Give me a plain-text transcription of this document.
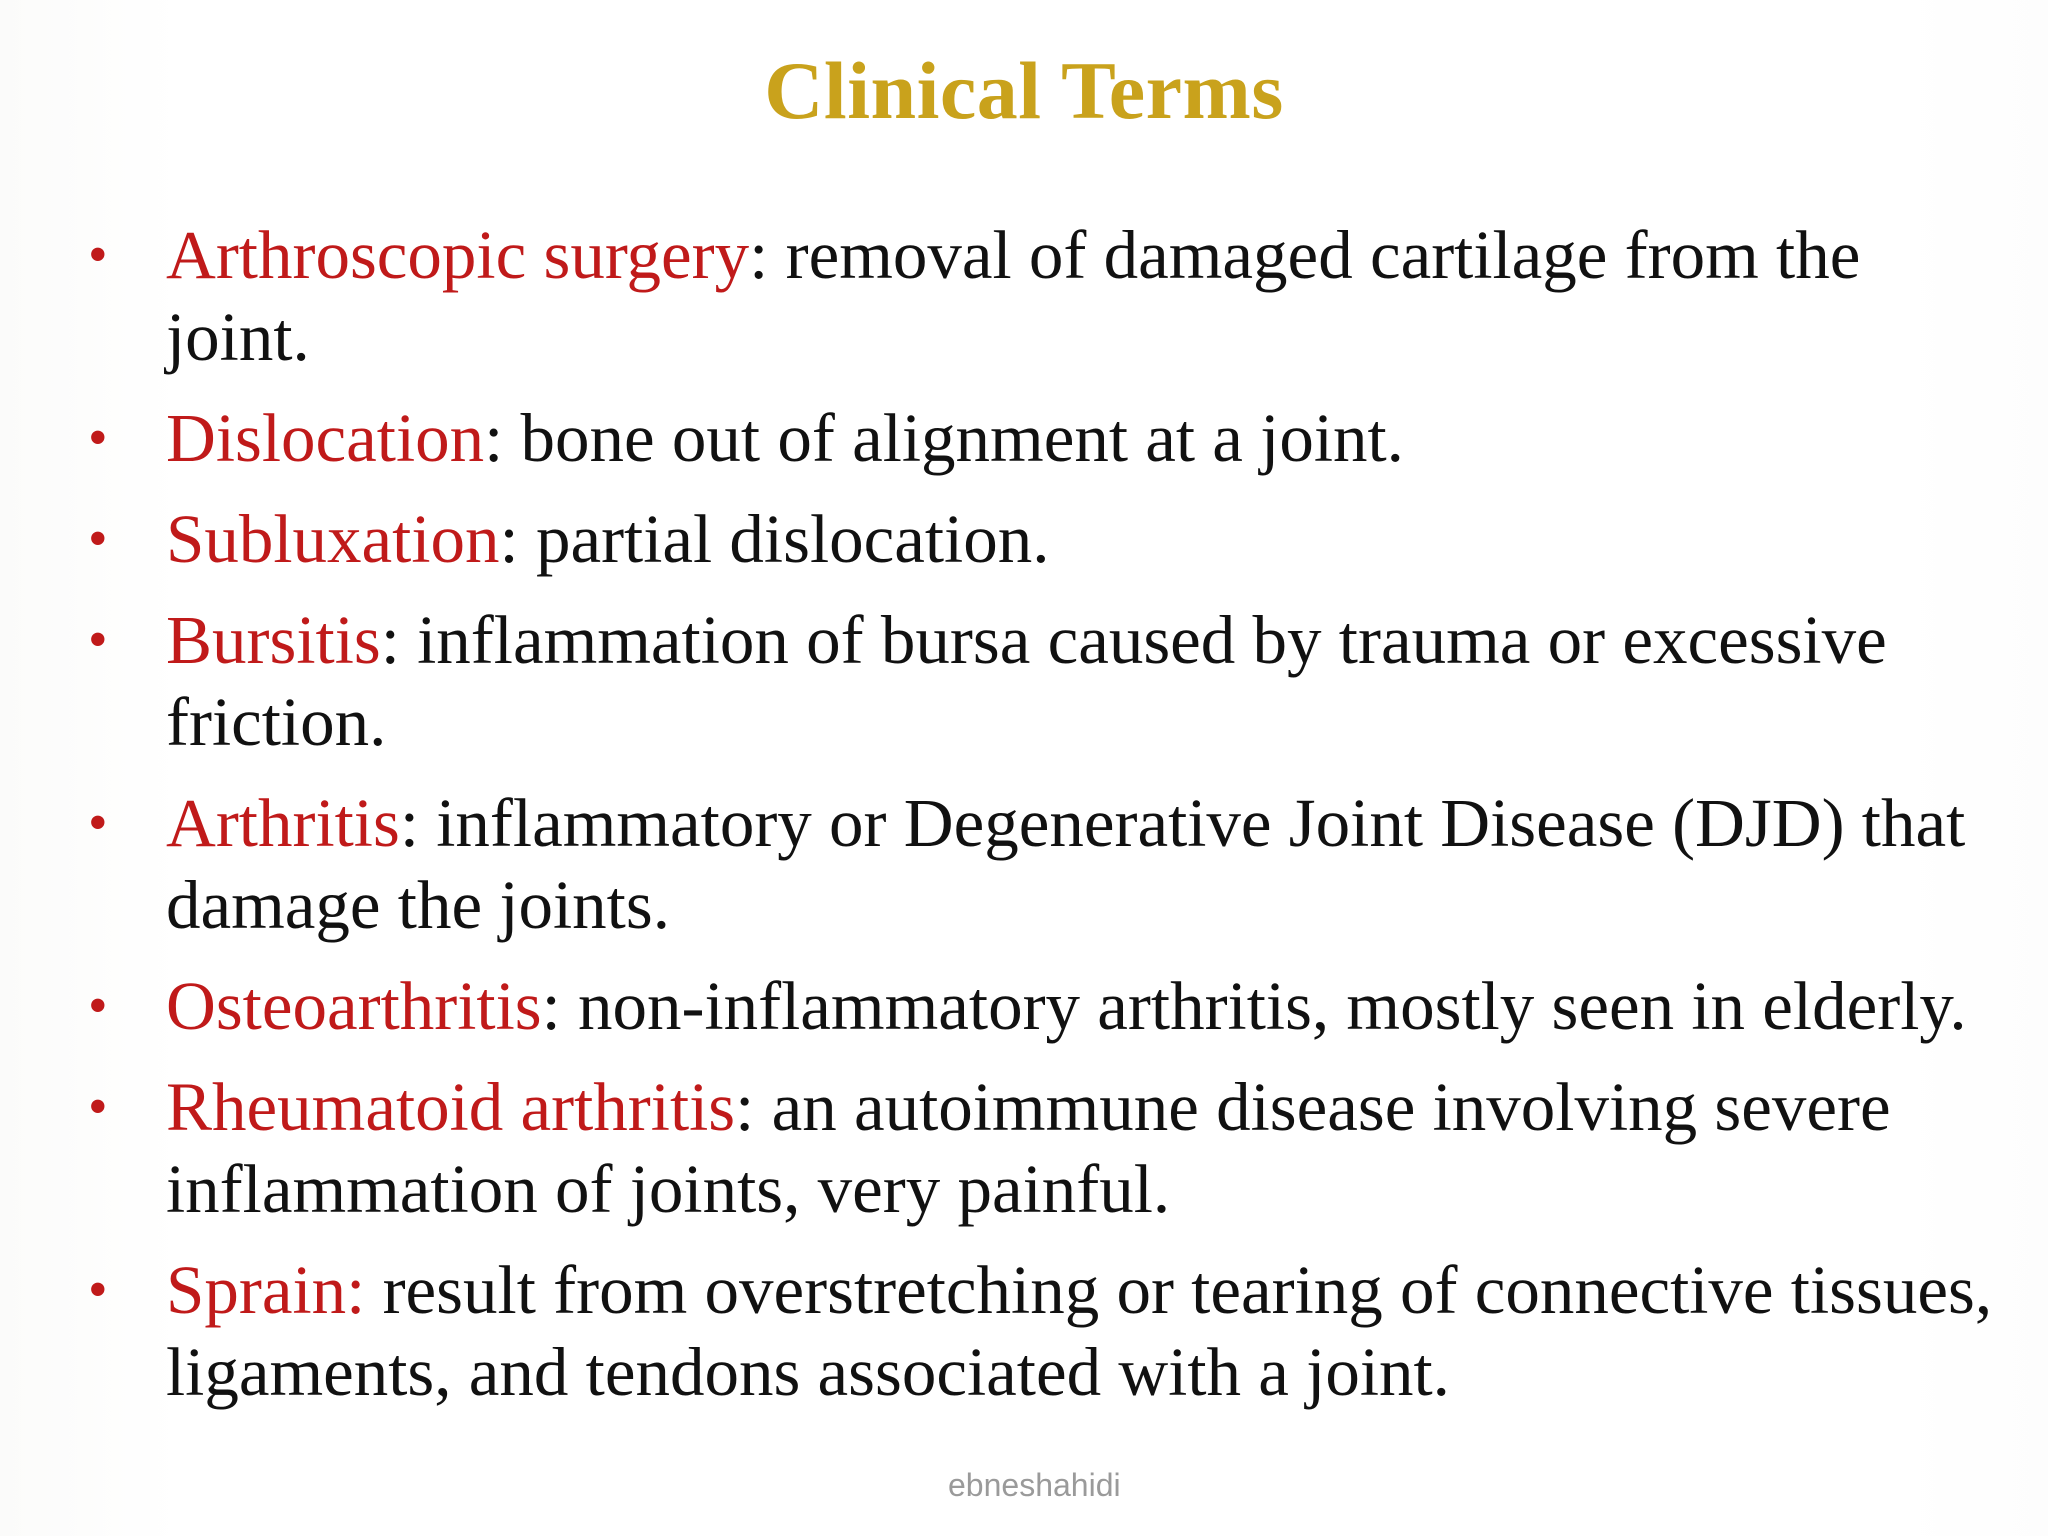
Clinical Terms
• Arthroscopic surgery: removal of damaged cartilage from the joint.
• Dislocation: bone out of alignment at a joint.
• Subluxation: partial dislocation.
• Bursitis: inflammation of bursa caused by trauma or excessive friction.
• Arthritis: inflammatory or Degenerative Joint Disease (DJD) that damage the joints.
• Osteoarthritis: non-inflammatory arthritis, mostly seen in elderly.
• Rheumatoid arthritis: an autoimmune disease involving severe inflammation of joints, very painful.
• Sprain: result from overstretching or tearing of connective tissues, ligaments, and tendons associated with a joint.
ebneshahidi
